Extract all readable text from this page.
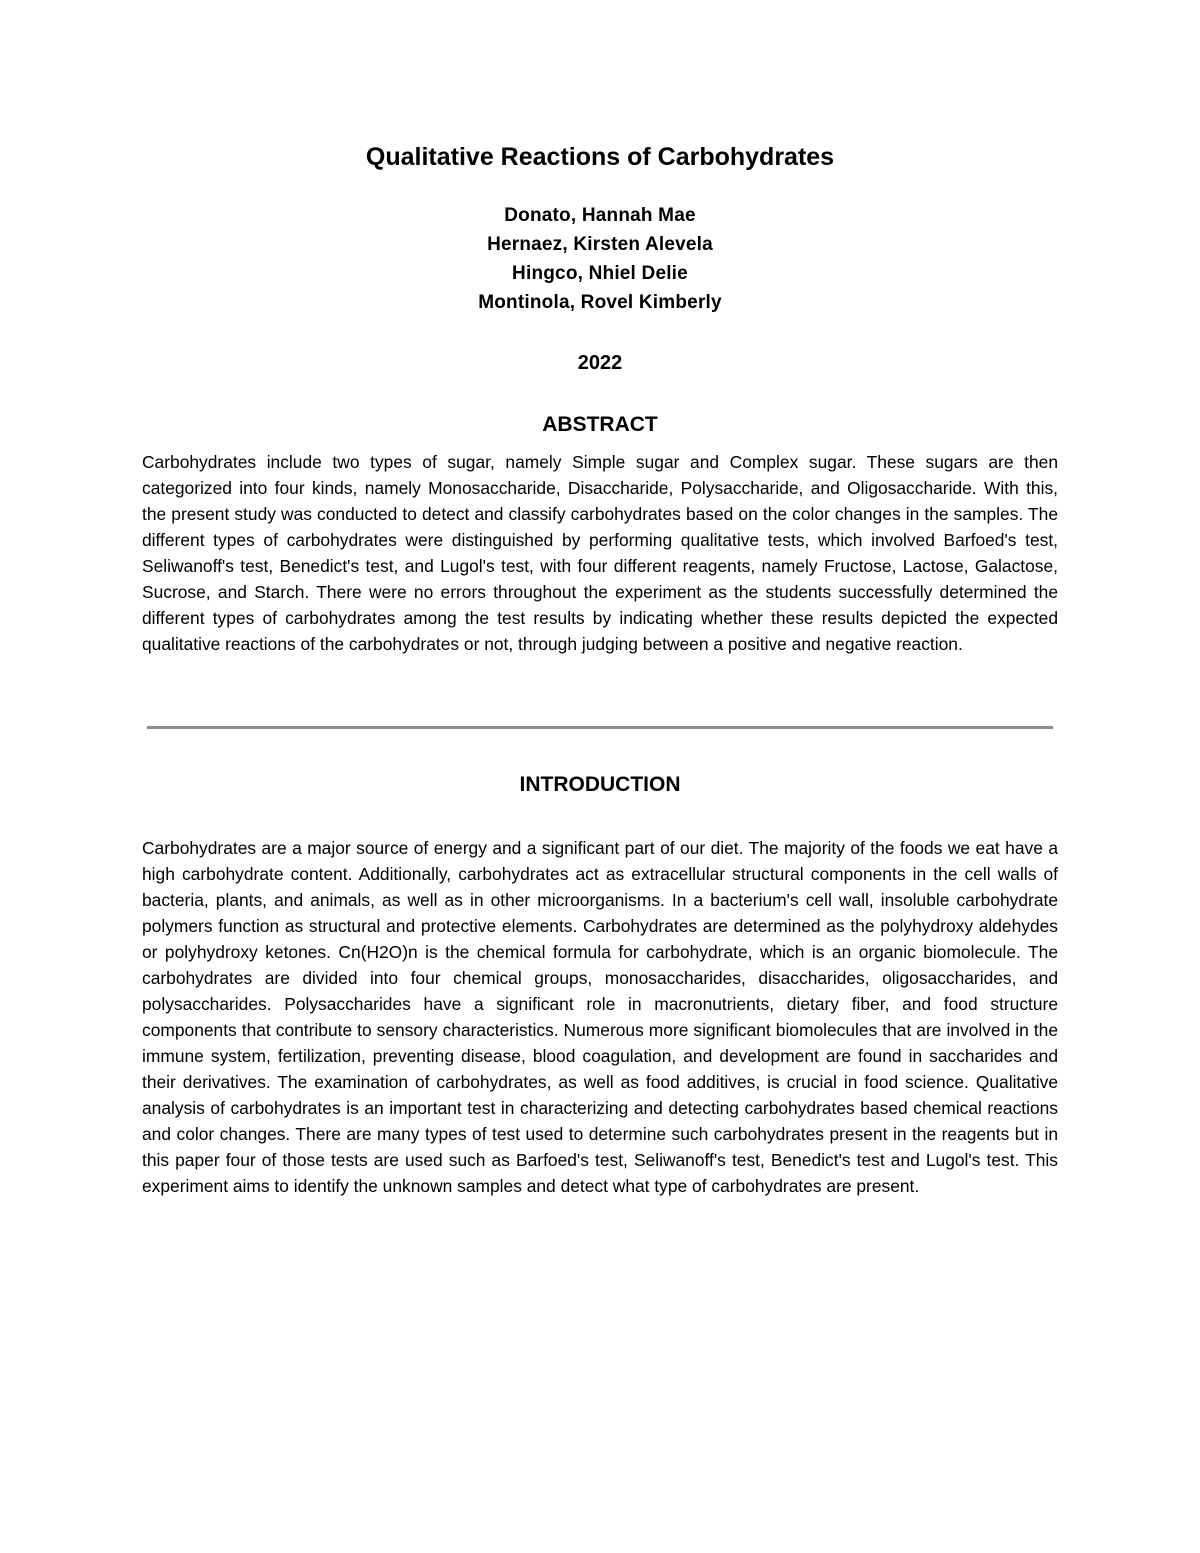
Qualitative Reactions of Carbohydrates
Donato, Hannah Mae
Hernaez, Kirsten Alevela
Hingco, Nhiel Delie
Montinola, Rovel Kimberly
2022
ABSTRACT

Carbohydrates include two types of sugar, namely Simple sugar and Complex sugar. These sugars are then categorized into four kinds, namely Monosaccharide, Disaccharide, Polysaccharide, and Oligosaccharide. With this, the present study was conducted to detect and classify carbohydrates based on the color changes in the samples. The different types of carbohydrates were distinguished by performing qualitative tests, which involved Barfoed's test, Seliwanoff's test, Benedict's test, and Lugol's test, with four different reagents, namely Fructose, Lactose, Galactose, Sucrose, and Starch. There were no errors throughout the experiment as the students successfully determined the different types of carbohydrates among the test results by indicating whether these results depicted the expected qualitative reactions of the carbohydrates or not, through judging between a positive and negative reaction.

INTRODUCTION

Carbohydrates are a major source of energy and a significant part of our diet. The majority of the foods we eat have a high carbohydrate content. Additionally, carbohydrates act as extracellular structural components in the cell walls of bacteria, plants, and animals, as well as in other microorganisms. In a bacterium's cell wall, insoluble carbohydrate polymers function as structural and protective elements. Carbohydrates are determined as the polyhydroxy aldehydes or polyhydroxy ketones. Cn(H2O)n is the chemical formula for carbohydrate, which is an organic biomolecule. The carbohydrates are divided into four chemical groups, monosaccharides, disaccharides, oligosaccharides, and polysaccharides. Polysaccharides have a significant role in macronutrients, dietary fiber, and food structure components that contribute to sensory characteristics. Numerous more significant biomolecules that are involved in the immune system, fertilization, preventing disease, blood coagulation, and development are found in saccharides and their derivatives. The examination of carbohydrates, as well as food additives, is crucial in food science. Qualitative analysis of carbohydrates is an important test in characterizing and detecting carbohydrates based chemical reactions and color changes. There are many types of test used to determine such carbohydrates present in the reagents but in this paper four of those tests are used such as Barfoed's test, Seliwanoff's test, Benedict's test and Lugol's test. This experiment aims to identify the unknown samples and detect what type of carbohydrates are present.
